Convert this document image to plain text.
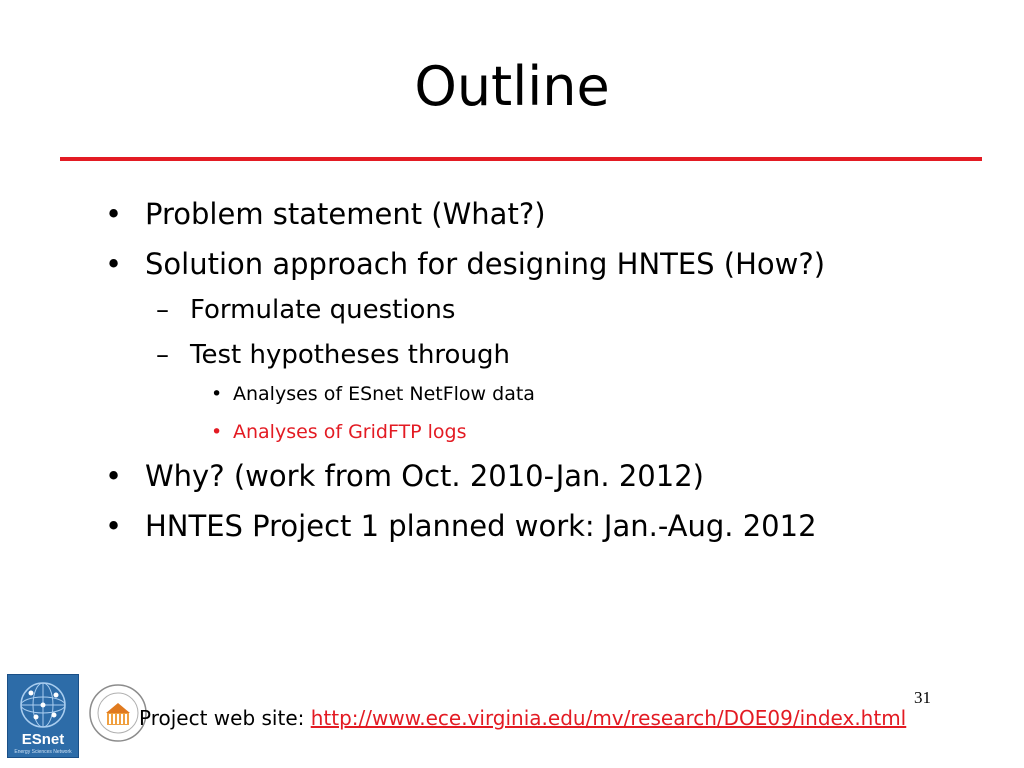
Outline
• Problem statement (What?)
• Solution approach for designing HNTES (How?)
– Formulate questions
– Test hypotheses through
• Analyses of ESnet NetFlow data
• Analyses of GridFTP logs
• Why? (work from Oct. 2010-Jan. 2012)
• HNTES Project 1 planned work: Jan.-Aug. 2012
ESnet
Energy Sciences Network
Project web site: http://www.ece.virginia.edu/mv/research/DOE09/index.html
31
